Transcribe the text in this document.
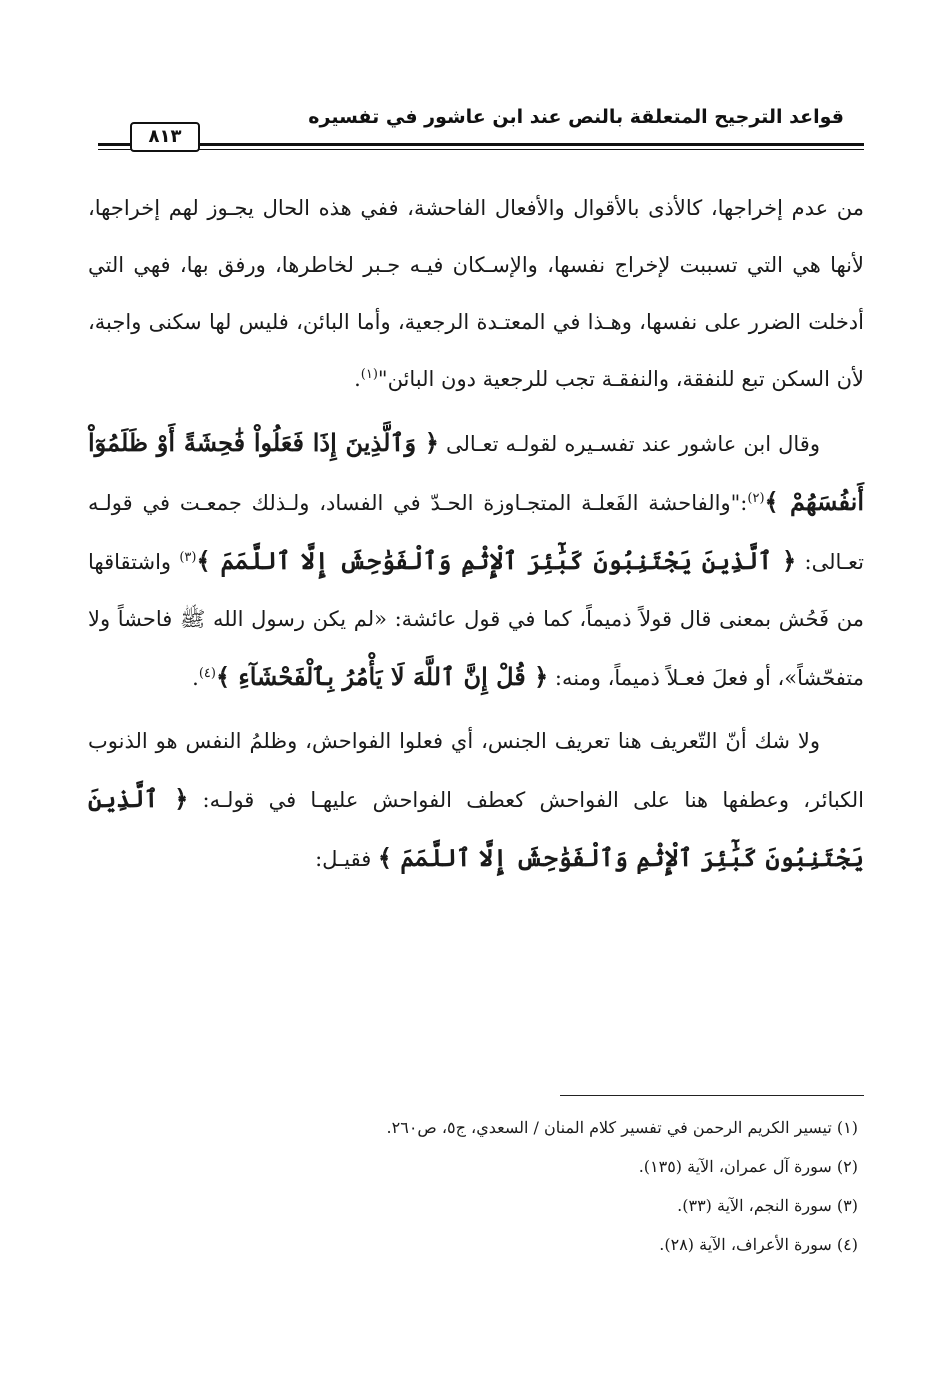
قواعد الترجيح المتعلقة بالنص عند ابن عاشور في تفسيره
٨١٣

من عدم إخراجها، كالأذى بالأقوال والأفعال الفاحشة، ففي هذه الحال يجـوز لهم إخراجها، لأنها هي التي تسببت لإخراج نفسها، والإسـكان فيـه جـبر لخاطرها، ورفق بها، فهي التي أدخلت الضرر على نفسها، وهـذا في المعتـدة الرجعية، وأما البائن، فليس لها سكنى واجبة، لأن السكن تبع للنفقة، والنفقـة تجب للرجعية دون البائن"$^{(١)}$.

وقال ابن عاشور عند تفسـيره لقولـه تعـالى ﴿ وَٱلَّذِينَ إِذَا فَعَلُواْ فَٰحِشَةً أَوْ ظَلَمُوٓاْ أَنفُسَهُمْ ﴾$^{(٢)}$:"والفاحشة الفَعلـة المتجـاوزة الحـدّ في الفساد، ولـذلك جمعـت في قولـه تعـالى: ﴿ ٱلَّذِينَ يَجْتَنِبُونَ كَبَٰٓئِرَ ٱلْإِثْمِ وَٱلْفَوَٰحِشَ إِلَّا ٱللَّمَمَ ﴾$^{(٣)}$ واشتقاقها من فَحُش بمعنى قال قولاً ذميماً، كما في قول عائشة: «لم يكن رسول الله ﷺ فاحشاً ولا متفحّشاً»، أو فعلَ فعـلاً ذميماً، ومنه: ﴿ قُلْ إِنَّ ٱللَّهَ لَا يَأْمُرُ بِٱلْفَحْشَآءِ ﴾$^{(٤)}$.

ولا شك أنّ التّعريف هنا تعريف الجنس، أي فعلوا الفواحش، وظلمُ النفس هو الذنوب الكبائر، وعطفها هنا على الفواحش كعطف الفواحش عليهـا في قولـه: ﴿ ٱلَّذِينَ يَجْتَنِبُونَ كَبَٰٓئِرَ ٱلْإِثْمِ وَٱلْفَوَٰحِشَ إِلَّا ٱللَّمَمَ ﴾ فقيـل:

(١) تيسير الكريم الرحمن في تفسير كلام المنان / السعدي، ج٥، ص٢٦٠.
(٢) سورة آل عمران، الآية (١٣٥).
(٣) سورة النجم، الآية (٣٣).
(٤) سورة الأعراف، الآية (٢٨).
